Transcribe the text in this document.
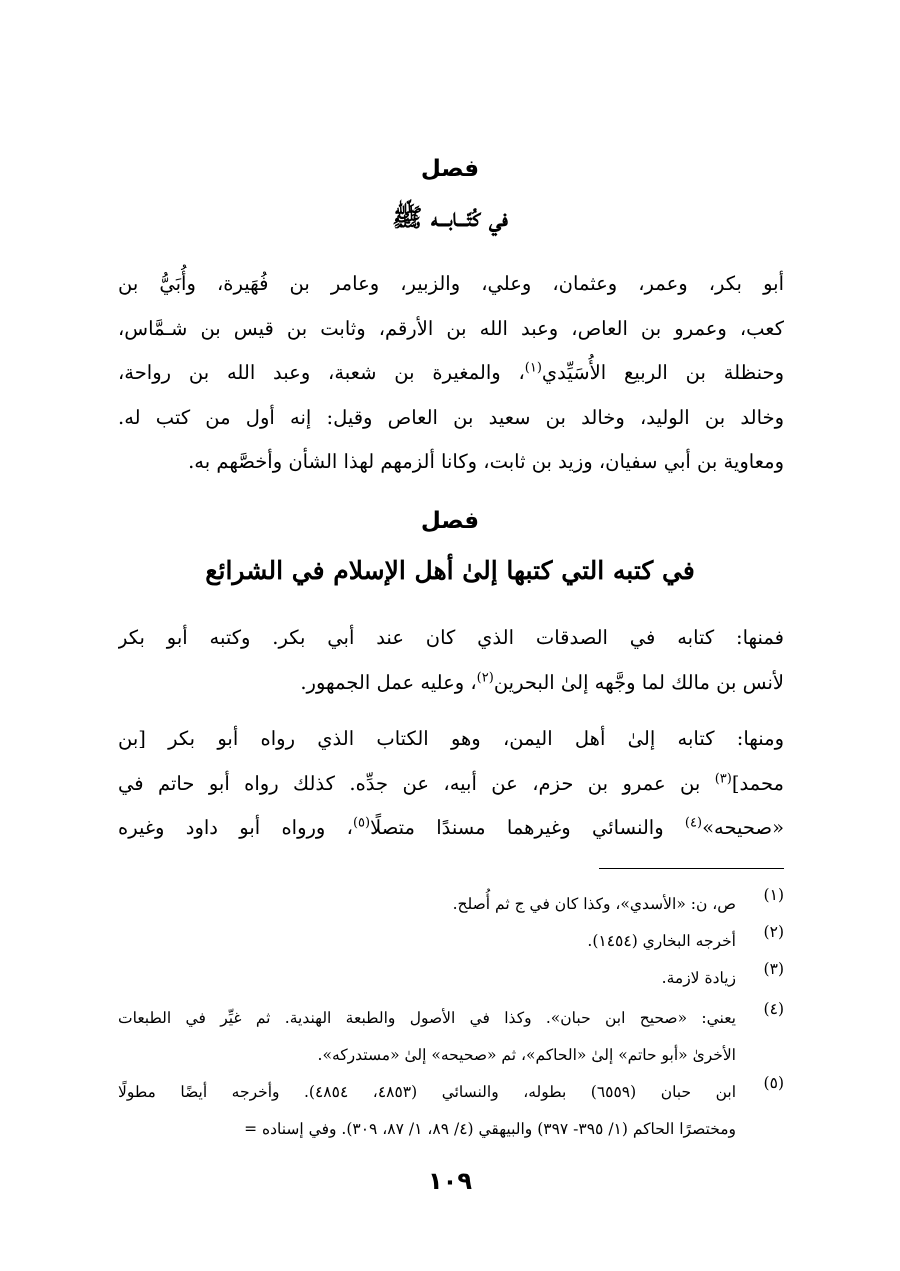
فصل
في كُتّـــابـــه ﷺ
أبو بكر، وعمر، وعثمان، وعلي، والزبير، وعامر بن فُهَيرة، وأُبَيُّ بن
كعب، وعمرو بن العاص، وعبد الله بن الأرقم، وثابت بن قيس بن شـمَّاس،
وحنظلة بن الربيع الأُسَيِّدي$^{(١)}$، والمغيرة بن شعبة، وعبد الله بن رواحة،
وخالد بن الوليد، وخالد بن سعيد بن العاص وقيل: إنه أول من كتب له.
ومعاوية بن أبي سفيان، وزيد بن ثابت، وكانا ألزمهم لهذا الشأن وأخصَّهم به.
فصل
في كتبه التي كتبها إلىٰ أهل الإسلام في الشرائع
فمنها: كتابه في الصدقات الذي كان عند أبي بكر. وكتبه أبو بكر
لأنس بن مالك لما وجَّهه إلىٰ البحرين$^{(٢)}$، وعليه عمل الجمهور.
ومنها: كتابه إلىٰ أهل اليمن، وهو الكتاب الذي رواه أبو بكر [بن
محمد]$^{(٣)}$ بن عمرو بن حزم، عن أبيه، عن جدِّه. كذلك رواه أبو حاتم في
«صحيحه»$^{(٤)}$ والنسائي وغيرهما مسندًا متصلًا$^{(٥)}$، ورواه أبو داود وغيره
(١)
ص، ن: «الأسدي»، وكذا كان في ج ثم أُصلح.
(٢)
أخرجه البخاري (١٤٥٤).
(٣)
زيادة لازمة.
(٤)
يعني: «صحيح ابن حبان». وكذا في الأصول والطبعة الهندية. ثم غيِّر في الطبعات
الأخرىٰ «أبو حاتم» إلىٰ «الحاكم»، ثم «صحيحه» إلىٰ «مستدركه».
(٥)
ابن حبان (٦٥٥٩) بطوله، والنسائي (٤٨٥٣، ٤٨٥٤). وأخرجه أيضًا مطولًا
ومختصرًا الحاكم (١/ ٣٩٥- ٣٩٧) والبيهقي (٤/ ٨٩، ١/ ٨٧، ٣٠٩). وفي إسناده =
١٠٩
